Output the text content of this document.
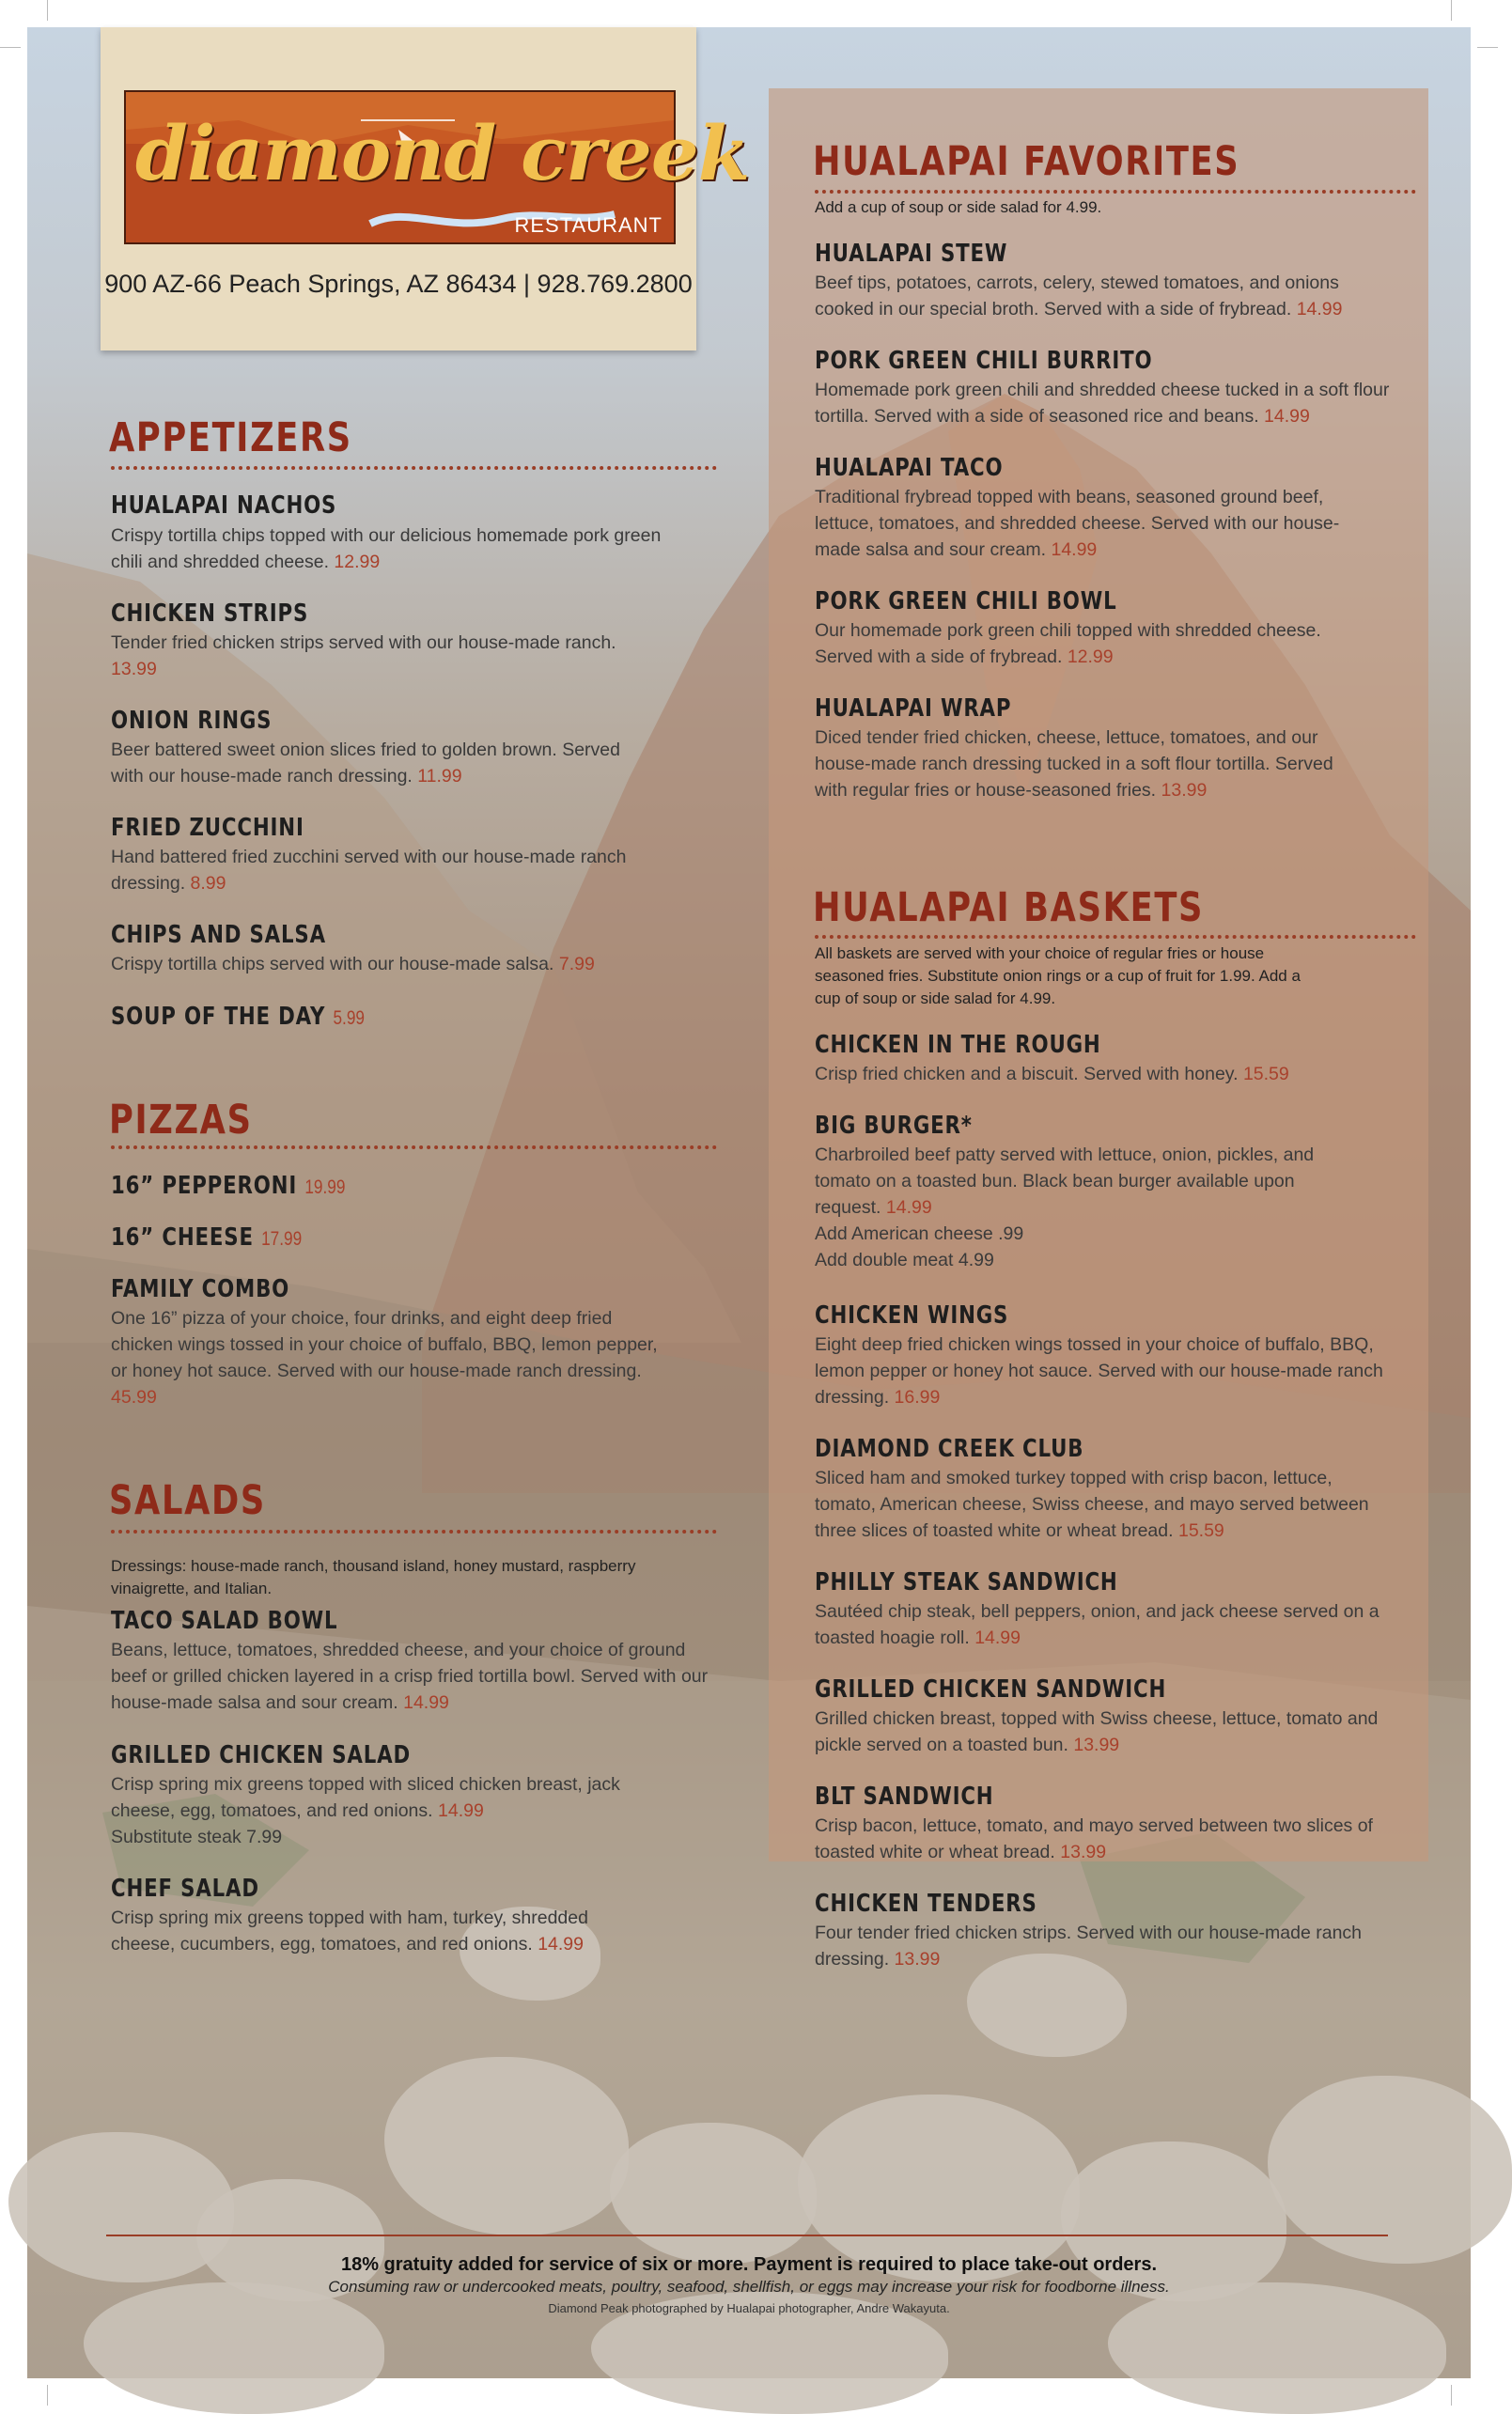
diamond creek
RESTAURANT
900 AZ-66 Peach Springs, AZ 86434 | 928.769.2800
APPETIZERS
HUALAPAI NACHOS
Crispy tortilla chips topped with our delicious homemade pork green chili and shredded cheese. 12.99
CHICKEN STRIPS
Tender fried chicken strips served with our house-made ranch. 13.99
ONION RINGS
Beer battered sweet onion slices fried to golden brown. Served with our house-made ranch dressing. 11.99
FRIED ZUCCHINI
Hand battered fried zucchini served with our house-made ranch dressing. 8.99
CHIPS AND SALSA
Crispy tortilla chips served with our house-made salsa. 7.99
SOUP OF THE DAY 5.99
PIZZAS
16” PEPPERONI 19.99
16” CHEESE 17.99
FAMILY COMBO
One 16” pizza of your choice, four drinks, and eight deep fried chicken wings tossed in your choice of buffalo, BBQ, lemon pepper, or honey hot sauce. Served with our house-made ranch dressing. 45.99
SALADS
Dressings: house-made ranch, thousand island, honey mustard, raspberry vinaigrette, and Italian.
TACO SALAD BOWL
Beans, lettuce, tomatoes, shredded cheese, and your choice of ground beef or grilled chicken layered in a crisp fried tortilla bowl. Served with our house-made salsa and sour cream. 14.99
GRILLED CHICKEN SALAD
Crisp spring mix greens topped with sliced chicken breast, jack cheese, egg, tomatoes, and red onions. 14.99
Substitute steak 7.99
CHEF SALAD
Crisp spring mix greens topped with ham, turkey, shredded cheese, cucumbers, egg, tomatoes, and red onions. 14.99
HUALAPAI FAVORITES
Add a cup of soup or side salad for 4.99.
HUALAPAI STEW
Beef tips, potatoes, carrots, celery, stewed tomatoes, and onions cooked in our special broth. Served with a side of frybread. 14.99
PORK GREEN CHILI BURRITO
Homemade pork green chili and shredded cheese tucked in a soft flour tortilla. Served with a side of seasoned rice and beans. 14.99
HUALAPAI TACO
Traditional frybread topped with beans, seasoned ground beef, lettuce, tomatoes, and shredded cheese. Served with our house-made salsa and sour cream. 14.99
PORK GREEN CHILI BOWL
Our homemade pork green chili topped with shredded cheese. Served with a side of frybread. 12.99
HUALAPAI WRAP
Diced tender fried chicken, cheese, lettuce, tomatoes, and our house-made ranch dressing tucked in a soft flour tortilla. Served with regular fries or house-seasoned fries. 13.99
HUALAPAI BASKETS
All baskets are served with your choice of regular fries or house seasoned fries. Substitute onion rings or a cup of fruit for 1.99. Add a cup of soup or side salad for 4.99.
CHICKEN IN THE ROUGH
Crisp fried chicken and a biscuit. Served with honey. 15.59
BIG BURGER*
Charbroiled beef patty served with lettuce, onion, pickles, and tomato on a toasted bun. Black bean burger available upon request. 14.99
Add American cheese .99
Add double meat 4.99
CHICKEN WINGS
Eight deep fried chicken wings tossed in your choice of buffalo, BBQ, lemon pepper or honey hot sauce. Served with our house-made ranch dressing. 16.99
DIAMOND CREEK CLUB
Sliced ham and smoked turkey topped with crisp bacon, lettuce, tomato, American cheese, Swiss cheese, and mayo served between three slices of toasted white or wheat bread. 15.59
PHILLY STEAK SANDWICH
Sautéed chip steak, bell peppers, onion, and jack cheese served on a toasted hoagie roll. 14.99
GRILLED CHICKEN SANDWICH
Grilled chicken breast, topped with Swiss cheese, lettuce, tomato and pickle served on a toasted bun. 13.99
BLT SANDWICH
Crisp bacon, lettuce, tomato, and mayo served between two slices of toasted white or wheat bread. 13.99
CHICKEN TENDERS
Four tender fried chicken strips. Served with our house-made ranch dressing. 13.99
18% gratuity added for service of six or more. Payment is required to place take-out orders.
Consuming raw or undercooked meats, poultry, seafood, shellfish, or eggs may increase your risk for foodborne illness.
Diamond Peak photographed by Hualapai photographer, Andre Wakayuta.
